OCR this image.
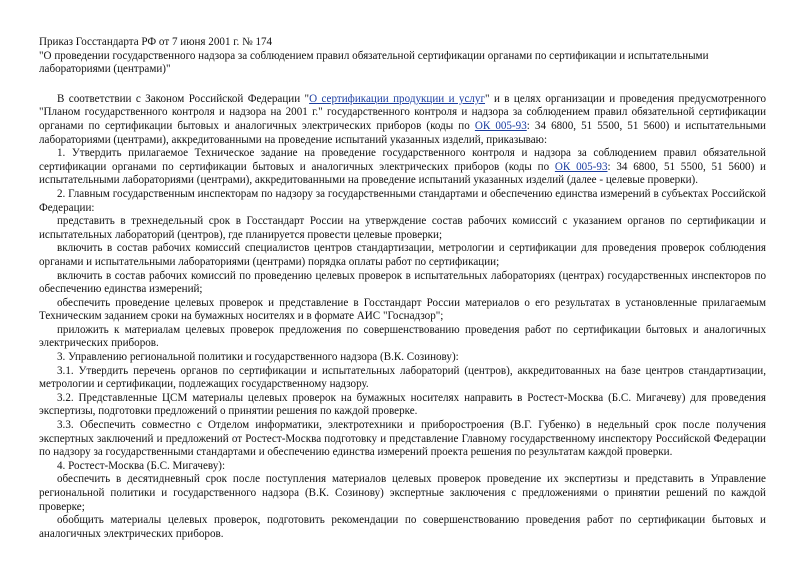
Приказ Госстандарта РФ от 7 июня 2001 г. № 174
"О проведении государственного надзора за соблюдением правил обязательной сертификации органами по сертификации и испытательными лабораториями (центрами)"

В соответствии с Законом Российской Федерации "О сертификации продукции и услуг" и в целях организации и проведения предусмотренного "Планом государственного контроля и надзора на 2001 г." государственного контроля и надзора за соблюдением правил обязательной сертификации органами по сертификации бытовых и аналогичных электрических приборов (коды по ОК 005-93: 34 6800, 51 5500, 51 5600) и испытательными лабораториями (центрами), аккредитованными на проведение испытаний указанных изделий, приказываю:

1. Утвердить прилагаемое Техническое задание на проведение государственного контроля и надзора за соблюдением правил обязательной сертификации органами по сертификации бытовых и аналогичных электрических приборов (коды по ОК 005-93: 34 6800, 51 5500, 51 5600) и испытательными лабораториями (центрами), аккредитованными на проведение испытаний указанных изделий (далее - целевые проверки).

2. Главным государственным инспекторам по надзору за государственными стандартами и обеспечению единства измерений в субъектах Российской Федерации:

представить в трехнедельный срок в Госстандарт России на утверждение состав рабочих комиссий с указанием органов по сертификации и испытательных лабораторий (центров), где планируется провести целевые проверки;

включить в состав рабочих комиссий специалистов центров стандартизации, метрологии и сертификации для проведения проверок соблюдения органами и испытательными лабораториями (центрами) порядка оплаты работ по сертификации;

включить в состав рабочих комиссий по проведению целевых проверок в испытательных лабораториях (центрах) государственных инспекторов по обеспечению единства измерений;

обеспечить проведение целевых проверок и представление в Госстандарт России материалов о его результатах в установленные прилагаемым Техническим заданием сроки на бумажных носителях и в формате АИС "Госнадзор";

приложить к материалам целевых проверок предложения по совершенствованию проведения работ по сертификации бытовых и аналогичных электрических приборов.

3. Управлению региональной политики и государственного надзора (В.К. Созинову):

3.1. Утвердить перечень органов по сертификации и испытательных лабораторий (центров), аккредитованных на базе центров стандартизации, метрологии и сертификации, подлежащих государственному надзору.

3.2. Представленные ЦСМ материалы целевых проверок на бумажных носителях направить в Ростест-Москва (Б.С. Мигачеву) для проведения экспертизы, подготовки предложений о принятии решения по каждой проверке.

3.3. Обеспечить совместно с Отделом информатики, электротехники и приборостроения (В.Г. Губенко) в недельный срок после получения экспертных заключений и предложений от Ростест-Москва подготовку и представление Главному государственному инспектору Российской Федерации по надзору за государственными стандартами и обеспечению единства измерений проекта решения по результатам каждой проверки.

4. Ростест-Москва (Б.С. Мигачеву):

обеспечить в десятидневный срок после поступления материалов целевых проверок проведение их экспертизы и представить в Управление региональной политики и государственного надзора (В.К. Созинову) экспертные заключения с предложениями о принятии решений по каждой проверке;

обобщить материалы целевых проверок, подготовить рекомендации по совершенствованию проведения работ по сертификации бытовых и аналогичных электрических приборов.
